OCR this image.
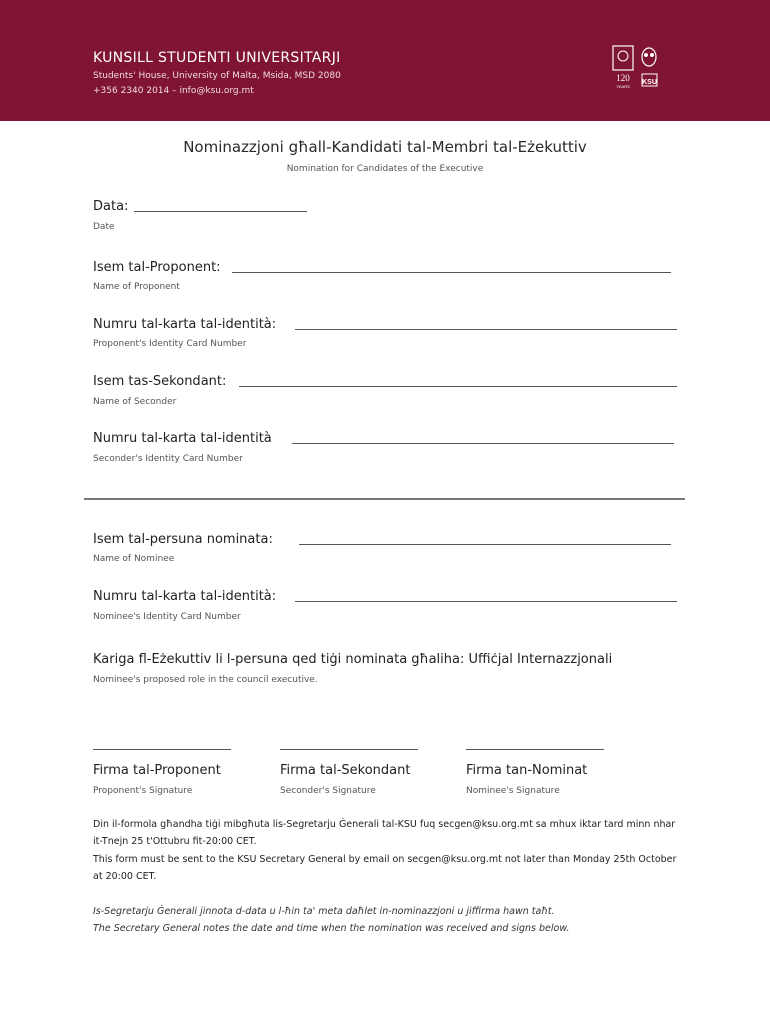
KUNSILL STUDENTI UNIVERSITARJI
Students' House, University of Malta, Msida, MSD 2080
+356 2340 2014 – info@ksu.org.mt
120
YEARS
KSU
Nominazzjoni għall-Kandidati tal-Membri tal-Eżekuttiv
Nomination for Candidates of the Executive
Data:
Date
Isem tal-Proponent:
Name of Proponent
Numru tal-karta tal-identità:
Proponent's Identity Card Number
Isem tas-Sekondant:
Name of Seconder
Numru tal-karta tal-identità
Seconder's Identity Card Number
Isem tal-persuna nominata:
Name of Nominee
Numru tal-karta tal-identità:
Nominee's Identity Card Number
Kariga fl-Eżekuttiv li l-persuna qed tiġi nominata għaliha: Uffiċjal Internazzjonali
Nominee's proposed role in the council executive.
Firma tal-Proponent	Firma tal-Sekondant	Firma tan-Nominat
Proponent's Signature	Seconder's Signature	Nominee's Signature
Din il-formola għandha tiġi mibgħuta lis-Segretarju Ġenerali tal-KSU fuq secgen@ksu.org.mt sa mhux iktar tard minn nhar it-Tnejn 25 t'Ottubru fit-20:00 CET.
This form must be sent to the KSU Secretary General by email on secgen@ksu.org.mt not later than Monday 25th October at 20:00 CET.
Is-Segretarju Ġenerali jinnota d-data u l-ħin ta' meta daħlet in-nominazzjoni u jiffirma hawn taħt.
The Secretary General notes the date and time when the nomination was received and signs below.
